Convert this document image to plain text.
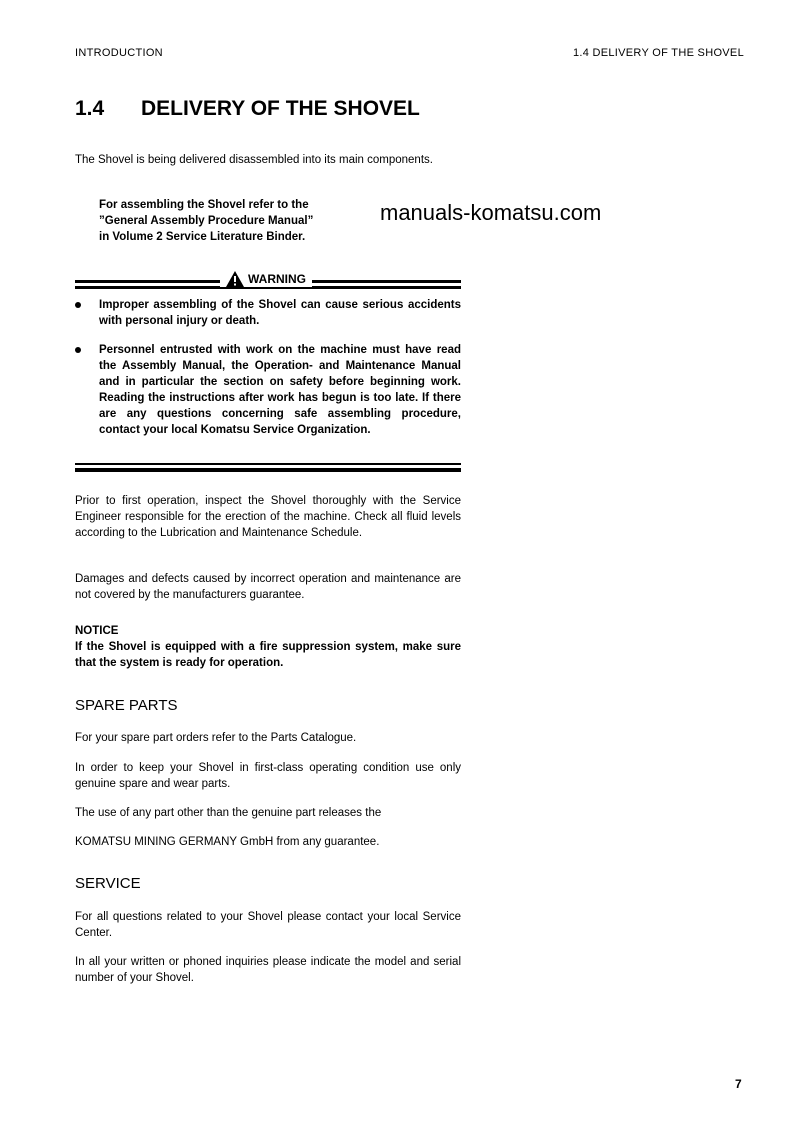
INTRODUCTION	1.4 DELIVERY OF THE SHOVEL
1.4 DELIVERY OF THE SHOVEL

The Shovel is being delivered disassembled into its main components.

For assembling the Shovel refer to the
”General Assembly Procedure Manual”
in Volume 2 Service Literature Binder.
manuals-komatsu.com
WARNING

Improper assembling of the Shovel can cause serious accidents with personal injury or death.

Personnel entrusted with work on the machine must have read the Assembly Manual, the Operation- and Maintenance Manual and in particular the section on safety before beginning work. Reading the instructions after work has begun is too late. If there are any questions concerning safe assembling procedure, contact your local Komatsu Service Organization.

Prior to first operation, inspect the Shovel thoroughly with the Service Engineer responsible for the erection of the machine. Check all fluid levels according to the Lubrication and Maintenance Schedule.

Damages and defects caused by incorrect operation and maintenance are not covered by the manufacturers guarantee.

NOTICE

If the Shovel is equipped with a fire suppression system, make sure that the system is ready for operation.

SPARE PARTS

For your spare part orders refer to the Parts Catalogue.

In order to keep your Shovel in first-class operating condition use only genuine spare and wear parts.

The use of any part other than the genuine part releases the

KOMATSU MINING GERMANY GmbH from any guarantee.

SERVICE

For all questions related to your Shovel please contact your local Service Center.

In all your written or phoned inquiries please indicate the model and serial number of your Shovel.

7
